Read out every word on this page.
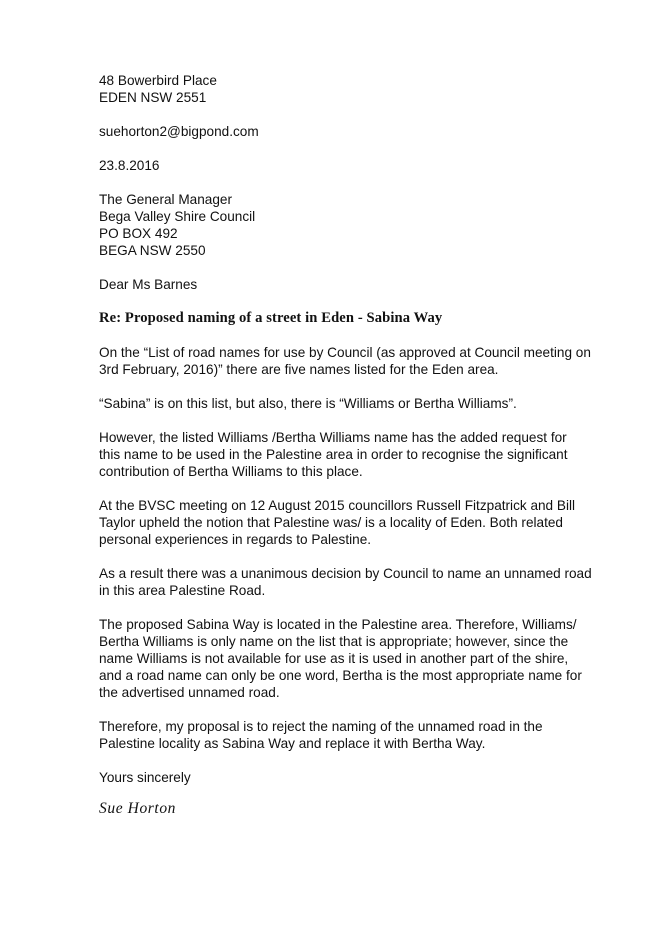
48 Bowerbird Place
EDEN NSW 2551
suehorton2@bigpond.com
23.8.2016
The General Manager
Bega Valley Shire Council
PO BOX 492
BEGA NSW 2550
Dear Ms Barnes
Re: Proposed naming of a street in Eden - Sabina Way
On the “List of road names for use by Council (as approved at Council meeting on
3rd February, 2016)” there are five names listed for the Eden area.
“Sabina” is on this list, but also, there is “Williams or Bertha Williams”.
However, the listed Williams /Bertha Williams name has the added request for
this name to be used in the Palestine area in order to recognise the significant
contribution of Bertha Williams to this place.
At the BVSC meeting on 12 August 2015 councillors Russell Fitzpatrick and Bill
Taylor upheld the notion that Palestine was/ is a locality of Eden. Both related
personal experiences in regards to Palestine.
As a result there was a unanimous decision by Council to name an unnamed road
in this area Palestine Road.
The proposed Sabina Way is located in the Palestine area. Therefore, Williams/
Bertha Williams is only name on the list that is appropriate; however, since the
name Williams is not available for use as it is used in another part of the shire,
and a road name can only be one word, Bertha is the most appropriate name for
the advertised unnamed road.
Therefore, my proposal is to reject the naming of the unnamed road in the
Palestine locality as Sabina Way and replace it with Bertha Way.
Yours sincerely
Sue Horton
